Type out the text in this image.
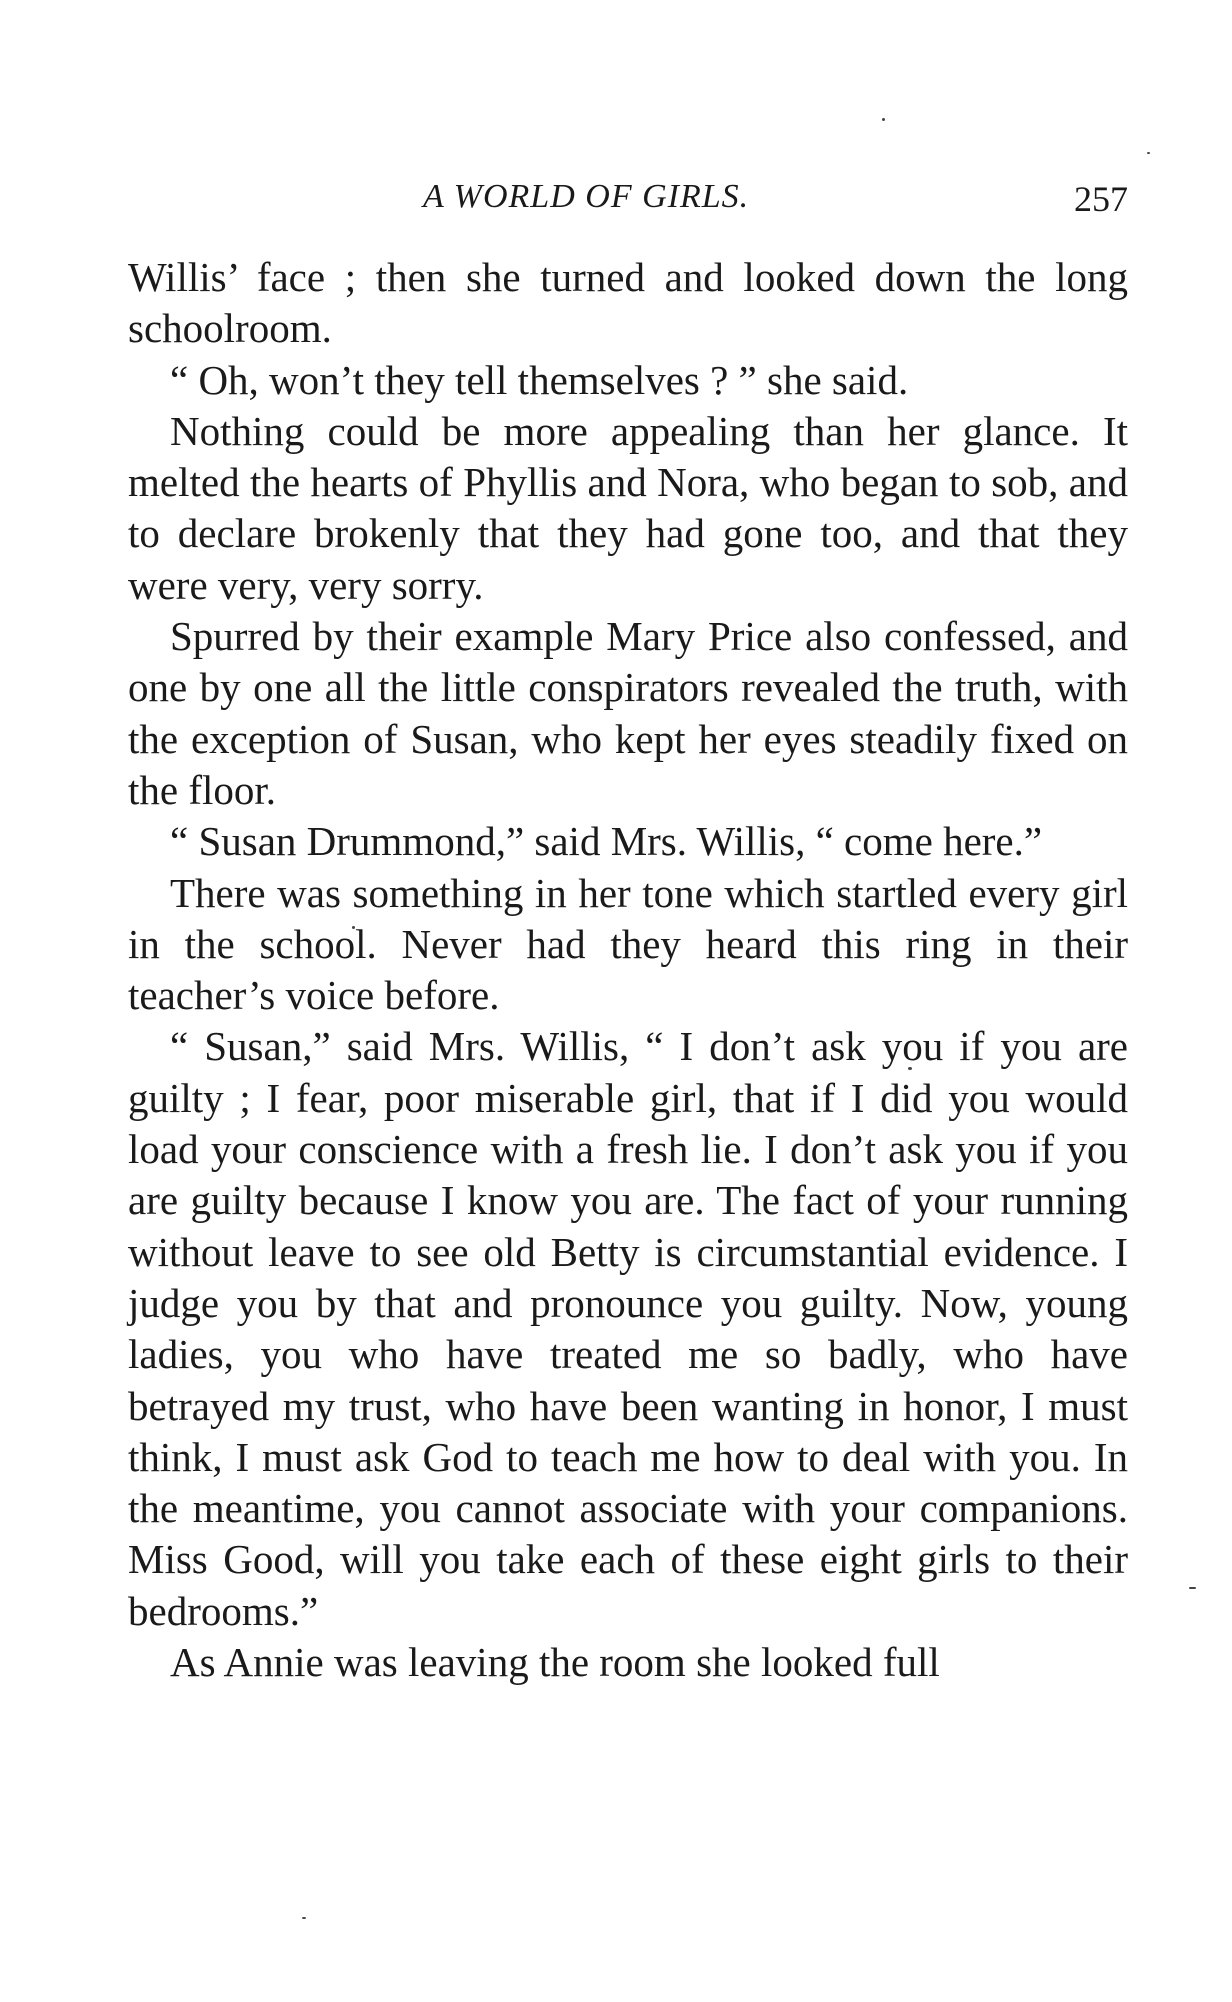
A WORLD OF GIRLS.	257

Willis’ face ; then she turned and looked down the long schoolroom.

“ Oh, won’t they tell themselves ? ” she said.

Nothing could be more appealing than her glance. It melted the hearts of Phyllis and Nora, who began to sob, and to declare brokenly that they had gone too, and that they were very, very sorry.

Spurred by their example Mary Price also confessed, and one by one all the little conspirators revealed the truth, with the exception of Susan, who kept her eyes steadily fixed on the floor.

“ Susan Drummond,” said Mrs. Willis, “ come here.”

There was something in her tone which startled every girl in the school. Never had they heard this ring in their teacher’s voice before.

“ Susan,” said Mrs. Willis, “ I don’t ask you if you are guilty ; I fear, poor miserable girl, that if I did you would load your conscience with a fresh lie. I don’t ask you if you are guilty because I know you are. The fact of your running without leave to see old Betty is circumstantial evidence. I judge you by that and pronounce you guilty. Now, young ladies, you who have treated me so badly, who have betrayed my trust, who have been wanting in honor, I must think, I must ask God to teach me how to deal with you. In the meantime, you cannot associate with your companions. Miss Good, will you take each of these eight girls to their bedrooms.”

As Annie was leaving the room she looked full
